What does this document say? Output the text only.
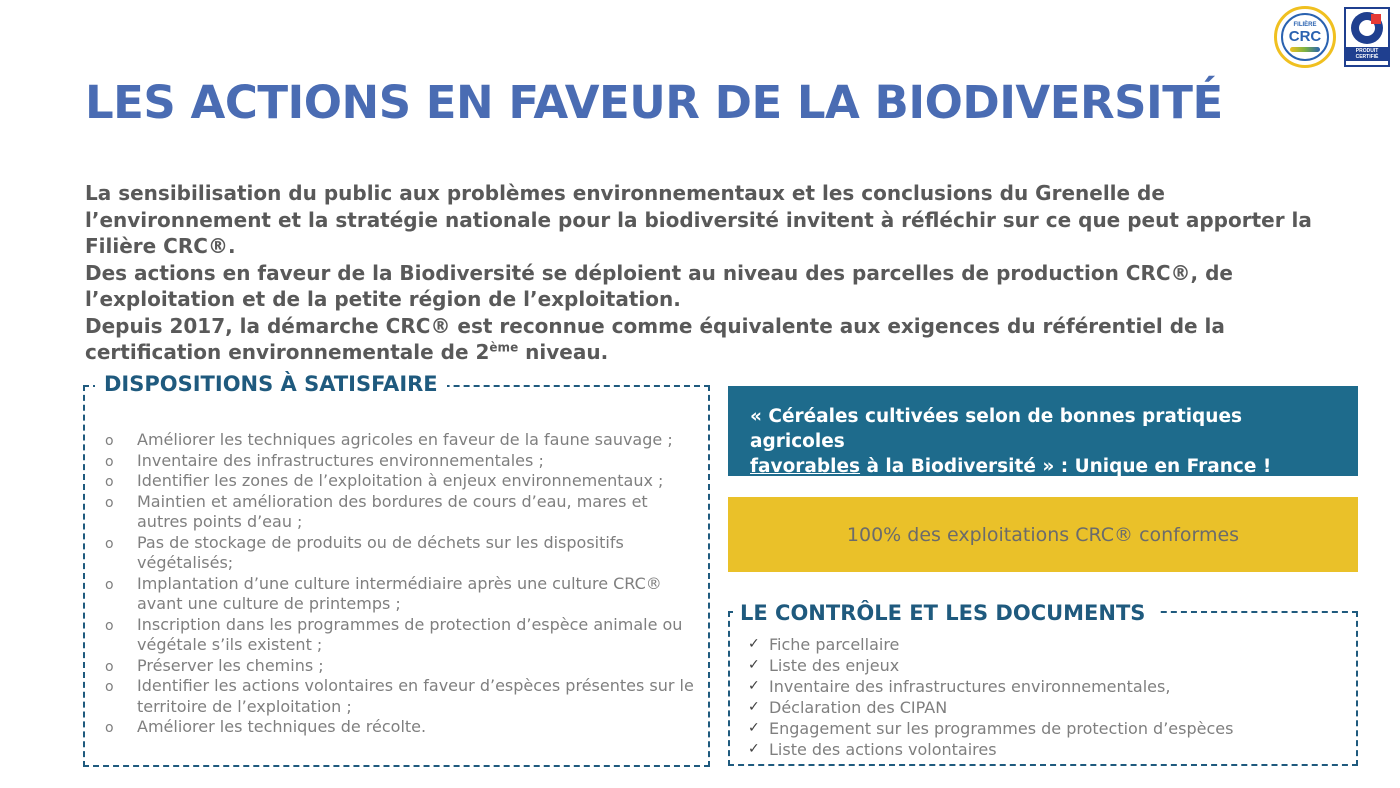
FILIÈRE
CRC
PRODUIT CERTIFIÉ
LES ACTIONS EN FAVEUR DE LA BIODIVERSITÉ

La sensibilisation du public aux problèmes environnementaux et les conclusions du Grenelle de l’environnement et la stratégie nationale pour la biodiversité invitent à réfléchir sur ce que peut apporter la Filière CRC®.

Des actions en faveur de la Biodiversité se déploient au niveau des parcelles de production CRC®, de l’exploitation et de la petite région de l’exploitation.

Depuis 2017, la démarche CRC® est reconnue comme équivalente aux exigences du référentiel de la certification environnementale de 2ème niveau.

DISPOSITIONS À SATISFAIRE
o Améliorer les techniques agricoles en faveur de la faune sauvage ;
o Inventaire des infrastructures environnementales ;
o Identifier les zones de l’exploitation à enjeux environnementaux ;
o Maintien et amélioration des bordures de cours d’eau, mares et autres points d’eau ;
o Pas de stockage de produits ou de déchets sur les dispositifs végétalisés;
o Implantation d’une culture intermédiaire après une culture CRC® avant une culture de printemps ;
o Inscription dans les programmes de protection d’espèce animale ou végétale s’ils existent ;
o Préserver les chemins ;
o Identifier les actions volontaires en faveur d’espèces présentes sur le territoire de l’exploitation ;
o Améliorer les techniques de récolte.
« Céréales cultivées selon de bonnes pratiques agricoles
favorables à la Biodiversité » : Unique en France !
100% des exploitations CRC® conformes
LE CONTRÔLE ET LES DOCUMENTS
✓ Fiche parcellaire
✓ Liste des enjeux
✓ Inventaire des infrastructures environnementales,
✓ Déclaration des CIPAN
✓ Engagement sur les programmes de protection d’espèces
✓ Liste des actions volontaires
